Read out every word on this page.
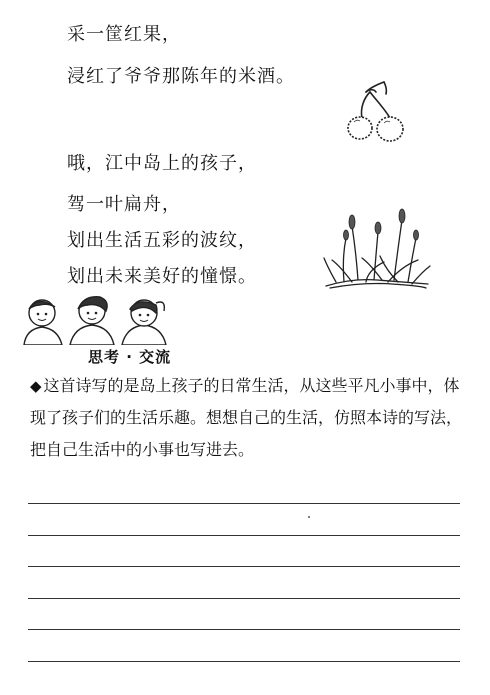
采一筐红果，
浸红了爷爷那陈年的米酒。
哦，江中岛上的孩子，
驾一叶扁舟，
划出生活五彩的波纹，
划出未来美好的憧憬。
思考 · 交流
◆ 这首诗写的是岛上孩子的日常生活，从这些平凡小事中，体现了孩子们的生活乐趣。想想自己的生活，仿照本诗的写法，把自己生活中的小事也写进去。
